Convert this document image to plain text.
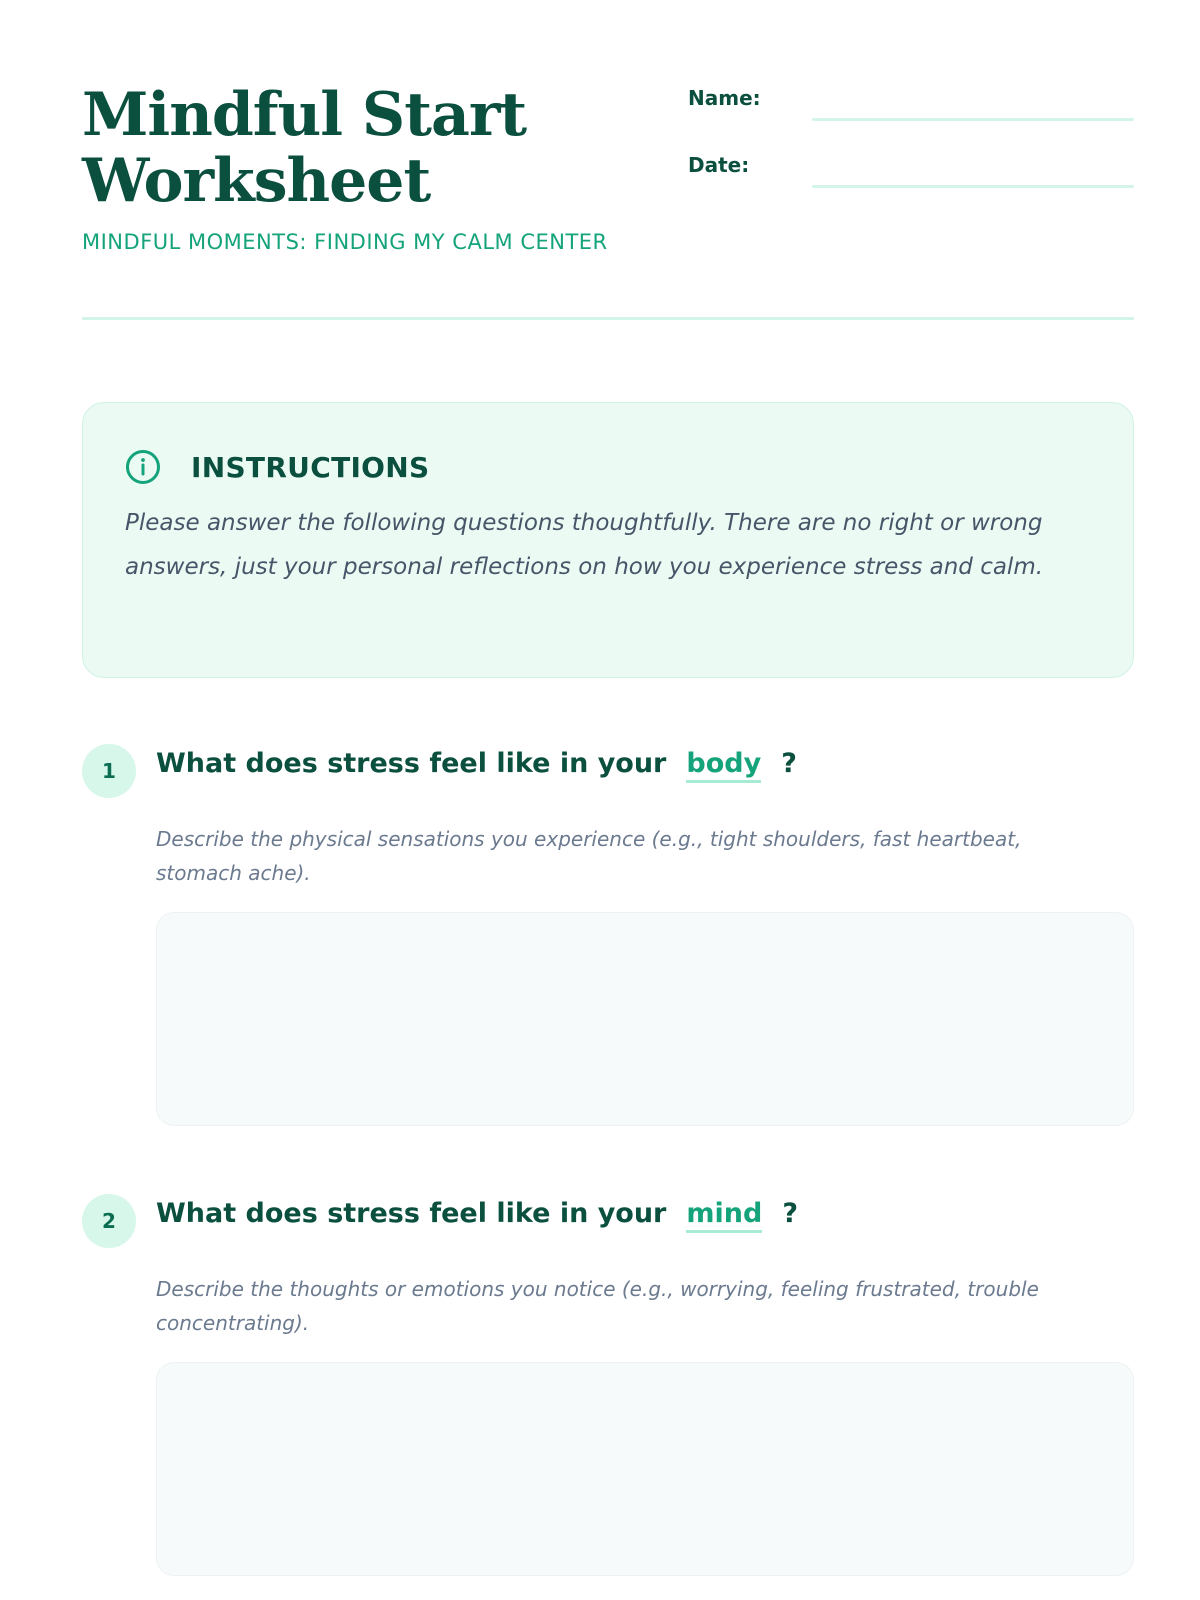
Mindful Start
Worksheet
MINDFUL MOMENTS: FINDING MY CALM CENTER
Name:
Date:
INSTRUCTIONS

Please answer the following questions thoughtfully. There are no right or wrong answers, just your personal reflections on how you experience stress and calm.

1	What does stress feel like in your body ?

Describe the physical sensations you experience (e.g., tight shoulders, fast heartbeat, stomach ache).

2	What does stress feel like in your mind ?

Describe the thoughts or emotions you notice (e.g., worrying, feeling frustrated, trouble concentrating).
